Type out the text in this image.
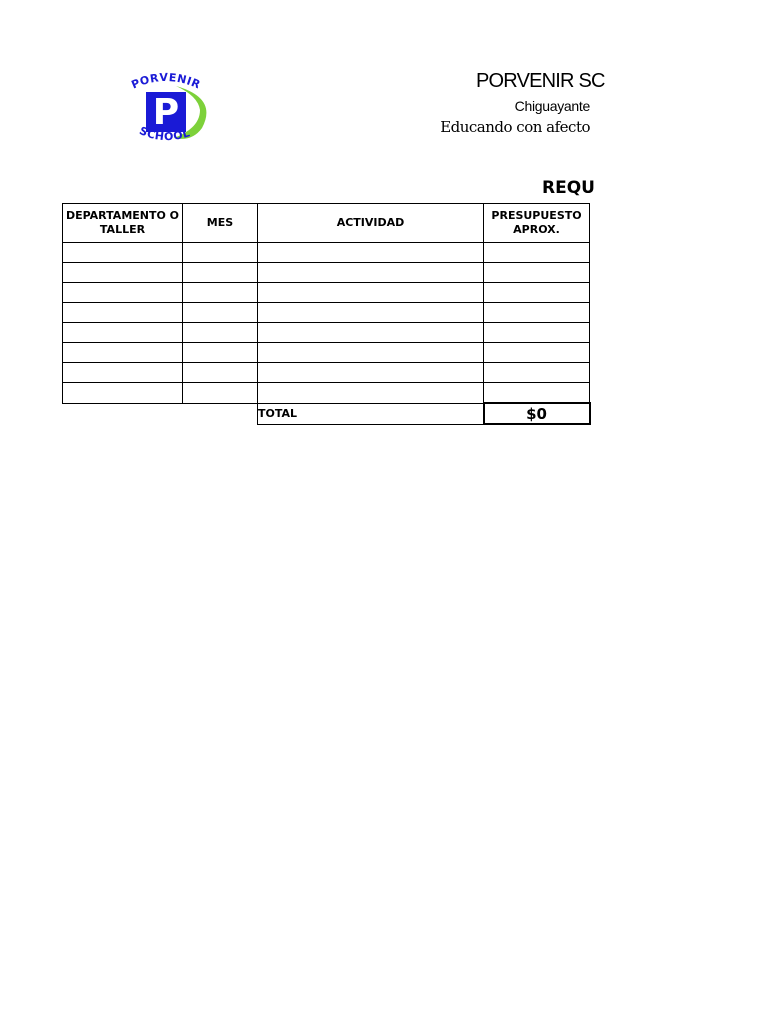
P
PORVENIR
SCHOOL
PORVENIR SC
Chiguayante
Educando con afecto
REQU
DEPARTAMENTO O TALLER	MES	ACTIVIDAD	PRESUPUESTO APROX.

		TOTAL	$0
